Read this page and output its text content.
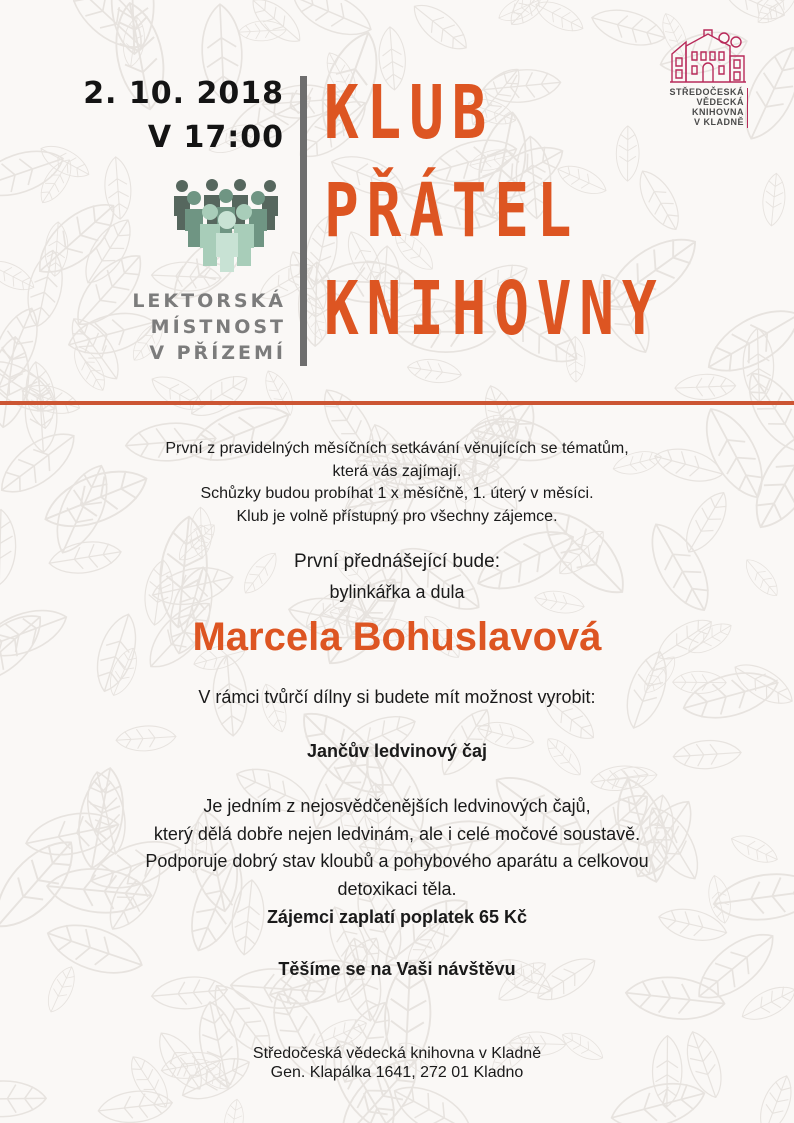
2. 10. 2018
V 17:00
LEKTORSKÁ
MÍSTNOST
V PŘÍZEMÍ
KLUB
PŘÁTEL
KNIHOVNY
STŘEDOČESKÁ
VĚDECKÁ
KNIHOVNA
V KLADNĚ
První z pravidelných měsíčních setkávání věnujících se tématům,
která vás zajímají.
Schůzky budou probíhat 1 x měsíčně, 1. úterý v měsíci.
Klub je volně přístupný pro všechny zájemce.
První přednášející bude:
bylinkářka a dula
Marcela Bohuslavová
V rámci tvůrčí dílny si budete mít možnost vyrobit:
Jančův ledvinový čaj
Je jedním z nejosvědčenějších ledvinových čajů,
který dělá dobře nejen ledvinám, ale i celé močové soustavě.
Podporuje dobrý stav kloubů a pohybového aparátu a celkovou
detoxikaci těla.
Zájemci zaplatí poplatek 65 Kč
Těšíme se na Vaši návštěvu
Středočeská vědecká knihovna v Kladně
Gen. Klapálka 1641, 272 01 Kladno
